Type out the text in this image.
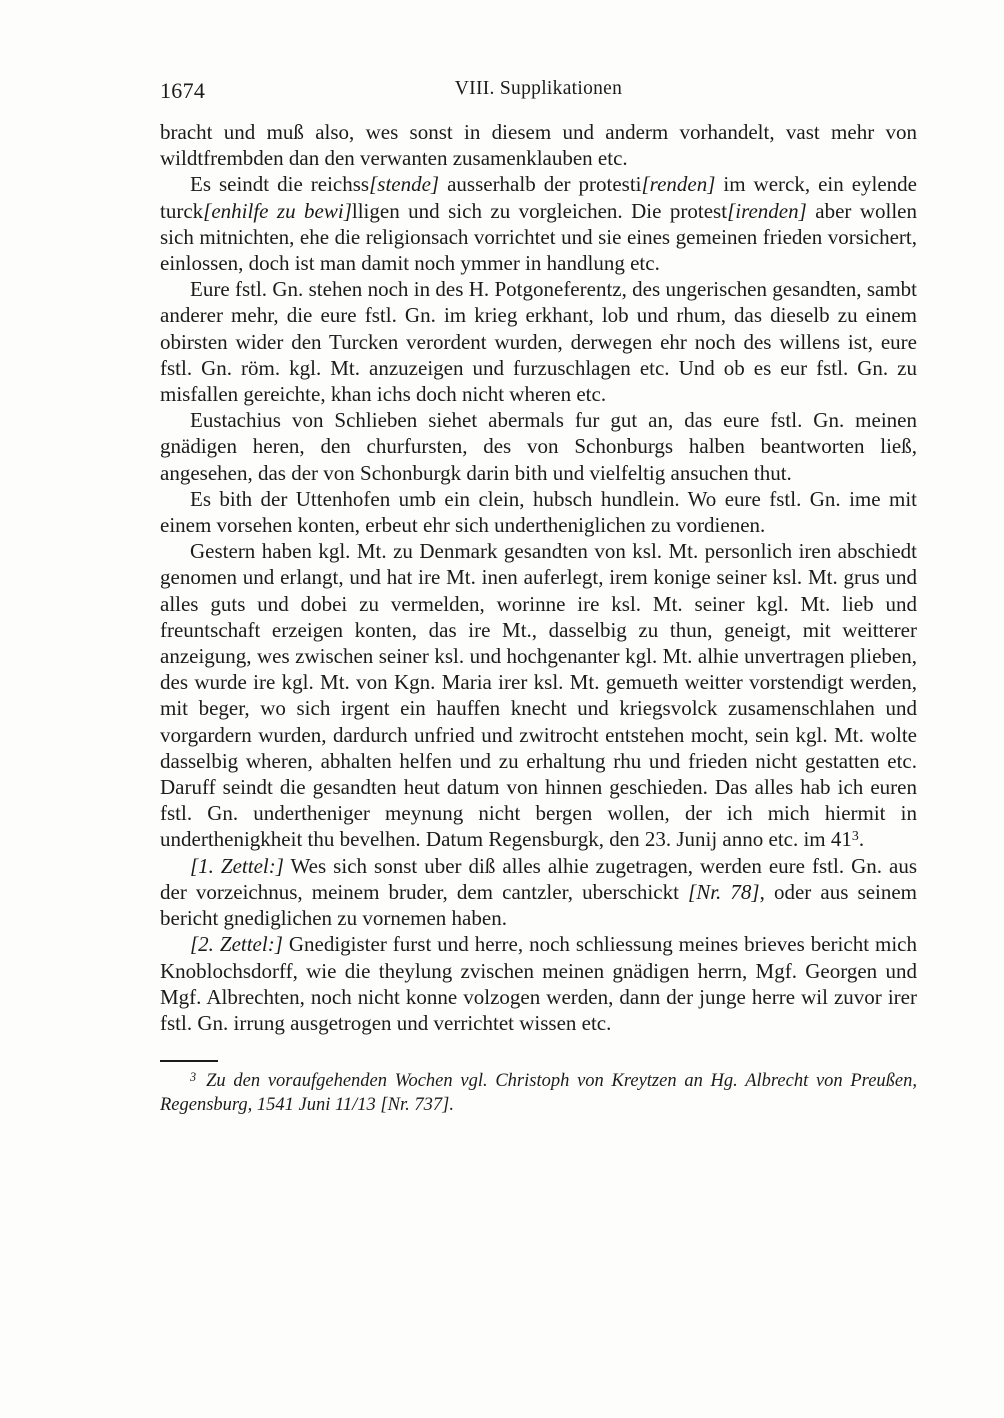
1674	VIII. Supplikationen

bracht und muß also, wes sonst in diesem und anderm vorhandelt, vast mehr von wildtfrembden dan den verwanten zusamenklauben etc.

Es seindt die reichss[stende] ausserhalb der protesti[renden] im werck, ein eylende turck[enhilfe zu bewi]lligen und sich zu vorgleichen. Die protest[irenden] aber wollen sich mitnichten, ehe die religionsach vorrichtet und sie eines gemeinen frieden vorsichert, einlossen, doch ist man damit noch ymmer in handlung etc.

Eure fstl. Gn. stehen noch in des H. Potgoneferentz, des ungerischen gesandten, sambt anderer mehr, die eure fstl. Gn. im krieg erkhant, lob und rhum, das dieselb zu einem obirsten wider den Turcken verordent wurden, derwegen ehr noch des willens ist, eure fstl. Gn. röm. kgl. Mt. anzuzeigen und furzuschlagen etc. Und ob es eur fstl. Gn. zu misfallen gereichte, khan ichs doch nicht wheren etc.

Eustachius von Schlieben siehet abermals fur gut an, das eure fstl. Gn. meinen gnädigen heren, den churfursten, des von Schonburgs halben beantworten ließ, angesehen, das der von Schonburgk darin bith und vielfeltig ansuchen thut.

Es bith der Uttenhofen umb ein clein, hubsch hundlein. Wo eure fstl. Gn. ime mit einem vorsehen konten, erbeut ehr sich undertheniglichen zu vordienen.

Gestern haben kgl. Mt. zu Denmark gesandten von ksl. Mt. personlich iren abschiedt genomen und erlangt, und hat ire Mt. inen auferlegt, irem konige seiner ksl. Mt. grus und alles guts und dobei zu vermelden, worinne ire ksl. Mt. seiner kgl. Mt. lieb und freuntschaft erzeigen konten, das ire Mt., dasselbig zu thun, geneigt, mit weitterer anzeigung, wes zwischen seiner ksl. und hochgenanter kgl. Mt. alhie unvertragen plieben, des wurde ire kgl. Mt. von Kgn. Maria irer ksl. Mt. gemueth weitter vorstendigt werden, mit beger, wo sich irgent ein hauffen knecht und kriegsvolck zusamenschlahen und vorgardern wurden, dardurch unfried und zwitrocht entstehen mocht, sein kgl. Mt. wolte dasselbig wheren, abhalten helfen und zu erhaltung rhu und frieden nicht gestatten etc. Daruff seindt die gesandten heut datum von hinnen geschieden. Das alles hab ich euren fstl. Gn. undertheniger meynung nicht bergen wollen, der ich mich hiermit in underthenigkheit thu bevelhen. Datum Regensburgk, den 23. Junij anno etc. im $41^3$.

[1. Zettel:] Wes sich sonst uber diß alles alhie zugetragen, werden eure fstl. Gn. aus der vorzeichnus, meinem bruder, dem cantzler, uberschickt [Nr. 78], oder aus seinem bericht gnediglichen zu vornemen haben.

[2. Zettel:] Gnedigister furst und herre, noch schliessung meines brieves bericht mich Knoblochsdorff, wie die theylung zvischen meinen gnädigen herrn, Mgf. Georgen und Mgf. Albrechten, noch nicht konne volzogen werden, dann der junge herre wil zuvor irer fstl. Gn. irrung ausgetrogen und verrichtet wissen etc.

$^3$ Zu den voraufgehenden Wochen vgl. Christoph von Kreytzen an Hg. Albrecht von Preußen, Regensburg, 1541 Juni 11/13 [Nr. 737].
